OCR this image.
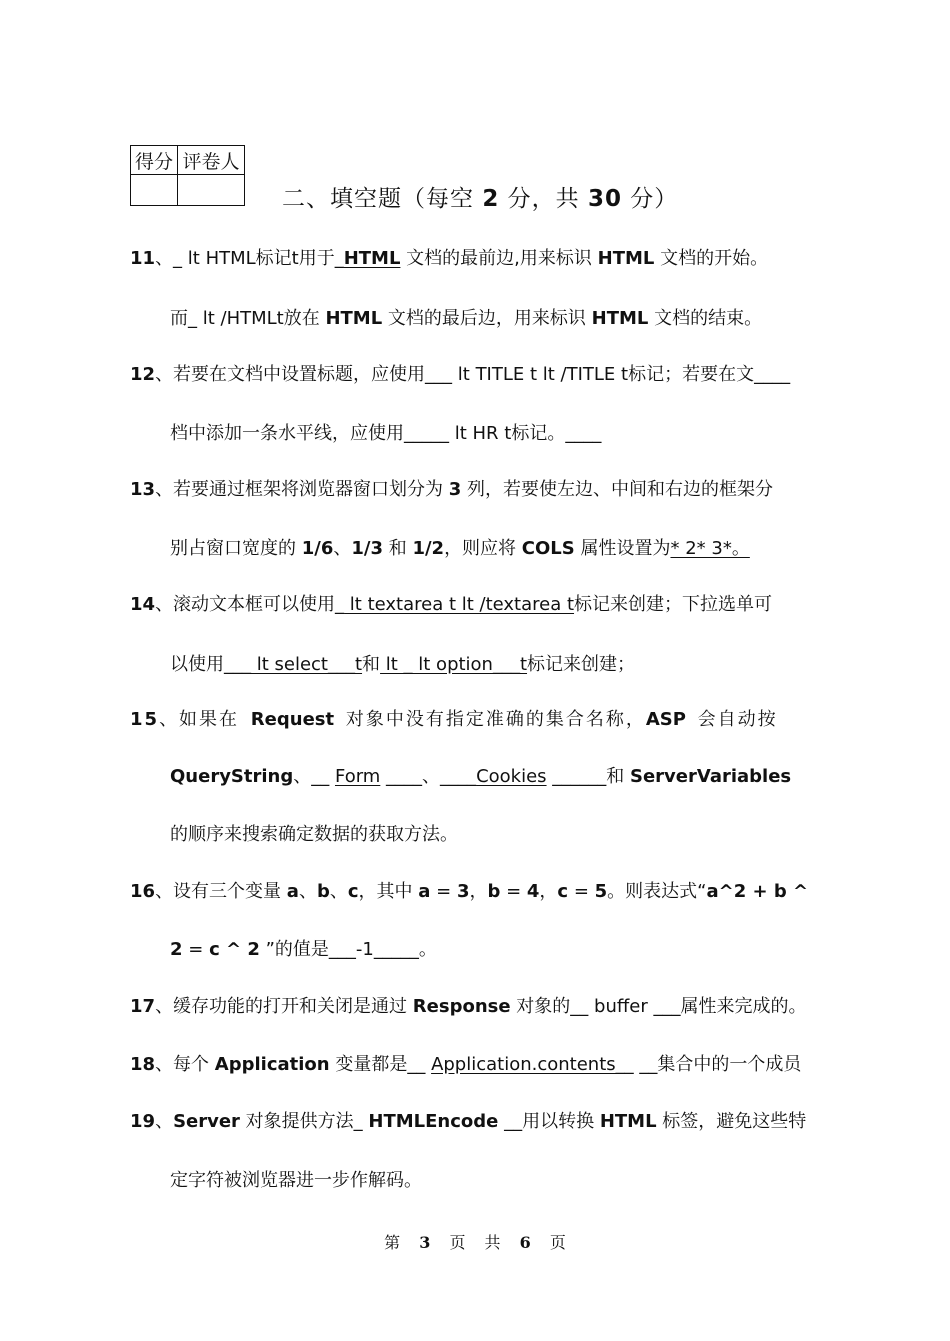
得分	评卷人

二、填空题（每空 2 分，共 30 分）
11、_ lt HTML标记t用于_HTML 文档的最前边,用来标识 HTML 文档的开始。
而_ lt /HTMLt放在 HTML 文档的最后边，用来标识 HTML 文档的结束。
12、若要在文档中设置标题，应使用___ lt TITLE t lt /TITLE t标记；若要在文____
档中添加一条水平线，应使用_____ lt HR t标记。____
13、若要通过框架将浏览器窗口划分为 3 列，若要使左边、中间和右边的框架分
别占窗口宽度的 1/6、1/3 和 1/2，则应将 COLS 属性设置为* 2* 3*。
14、滚动文本框可以使用_ lt textarea t lt /textarea t标记来创建；下拉选单可
以使用___ lt select___t和 lt _ lt option___t标记来创建；
15、如果在 Request 对象中没有指定准确的集合名称，ASP 会自动按
QueryString、__ Form ____、____Cookies ______和 ServerVariables
的顺序来搜索确定数据的获取方法。
16、设有三个变量 a、b、c，其中 a = 3，b = 4，c = 5。则表达式“a^2 + b ^
2 = c ^ 2 ”的值是___-1_____。
17、缓存功能的打开和关闭是通过 Response 对象的__ buffer ___属性来完成的。
18、每个 Application 变量都是__ Application.contents__ __集合中的一个成员
19、Server 对象提供方法_ HTMLEncode __用以转换 HTML 标签，避免这些特
定字符被浏览器进一步作解码。
第 3 页 共 6 页
